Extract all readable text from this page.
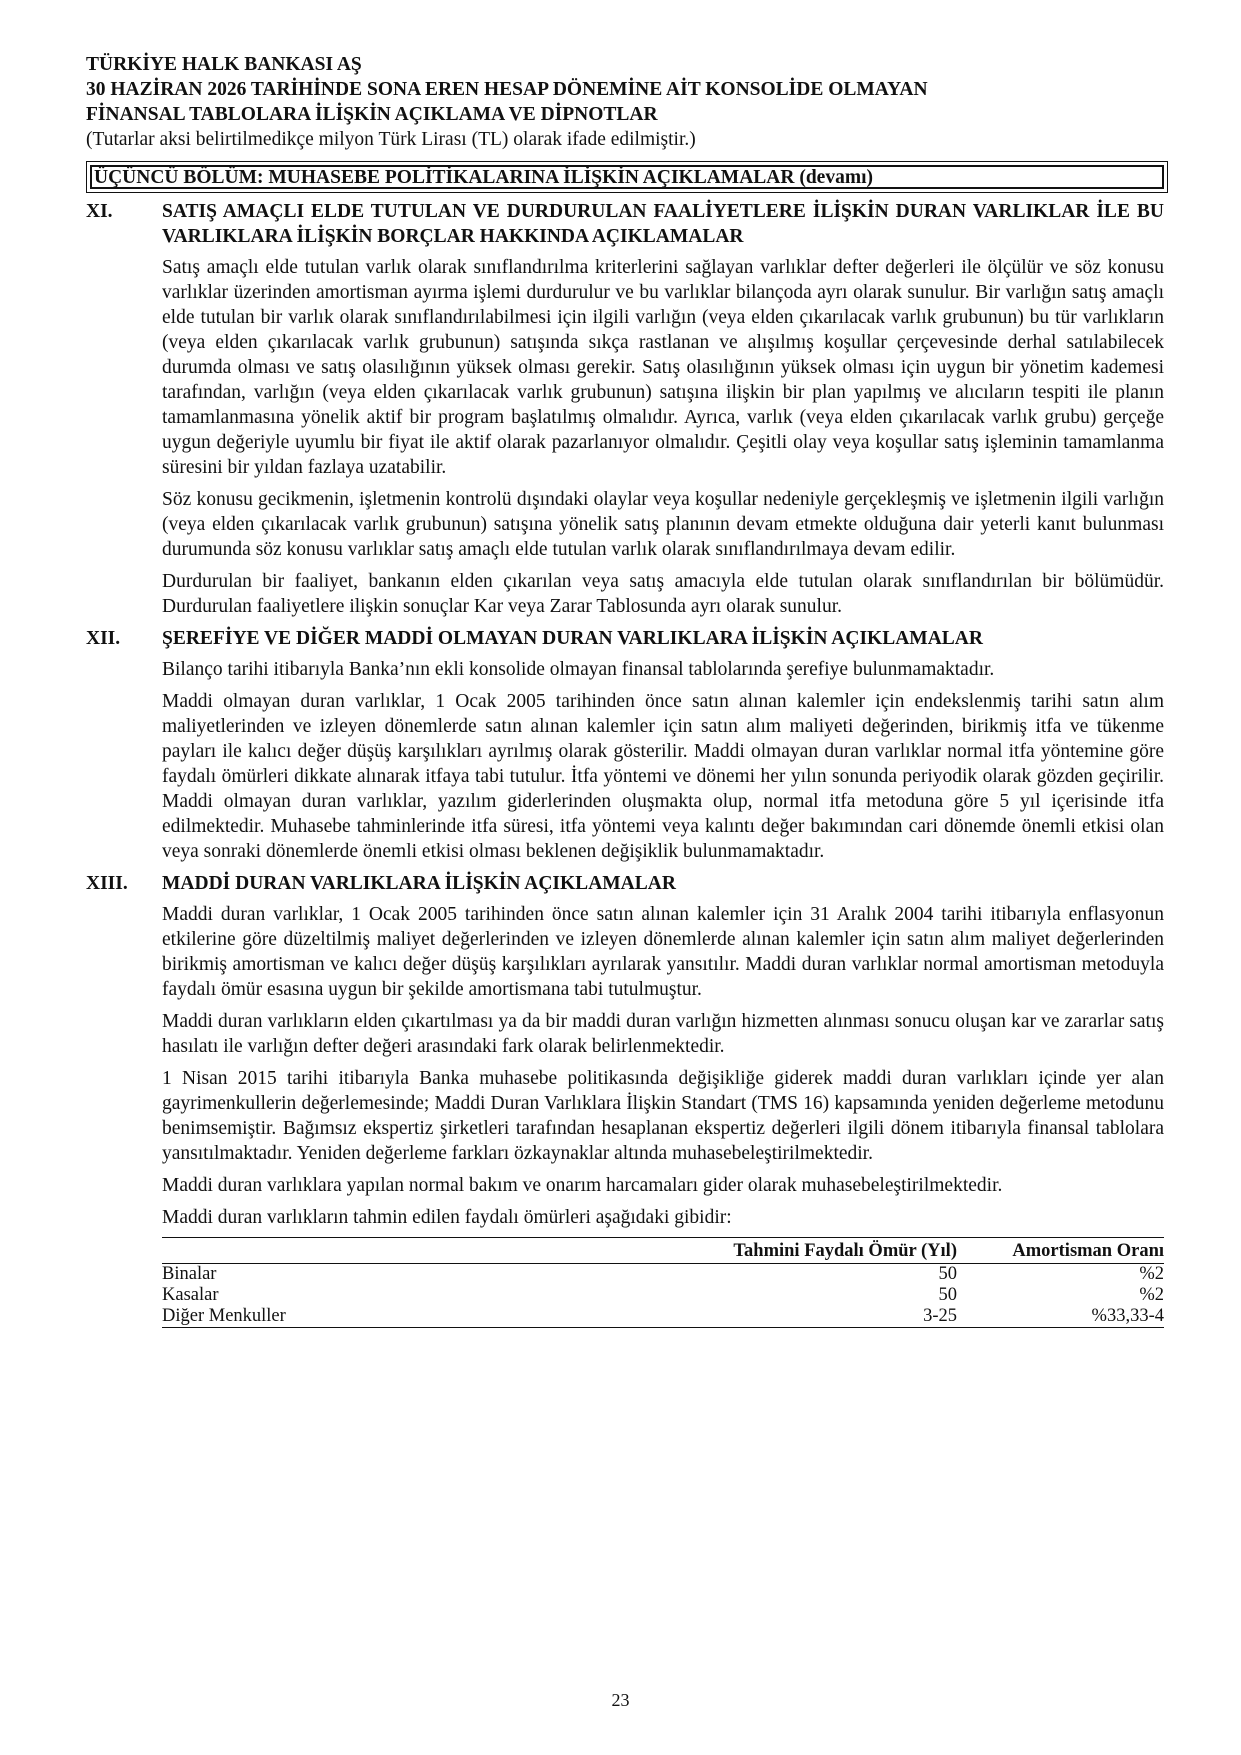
TÜRKİYE HALK BANKASI AŞ
30 HAZİRAN 2026 TARİHİNDE SONA EREN HESAP DÖNEMİNE AİT KONSOLİDE OLMAYAN
FİNANSAL TABLOLARA İLİŞKİN AÇIKLAMA VE DİPNOTLAR
(Tutarlar aksi belirtilmedikçe milyon Türk Lirası (TL) olarak ifade edilmiştir.)
ÜÇÜNCÜ BÖLÜM: MUHASEBE POLİTİKALARINA İLİŞKİN AÇIKLAMALAR (devamı)
XI.	SATIŞ AMAÇLI ELDE TUTULAN VE DURDURULAN FAALİYETLERE İLİŞKİN DURAN VARLIKLAR İLE BU VARLIKLARA İLİŞKİN BORÇLAR HAKKINDA AÇIKLAMALAR

Satış amaçlı elde tutulan varlık olarak sınıflandırılma kriterlerini sağlayan varlıklar defter değerleri ile ölçülür ve söz konusu varlıklar üzerinden amortisman ayırma işlemi durdurulur ve bu varlıklar bilançoda ayrı olarak sunulur. Bir varlığın satış amaçlı elde tutulan bir varlık olarak sınıflandırılabilmesi için ilgili varlığın (veya elden çıkarılacak varlık grubunun) bu tür varlıkların (veya elden çıkarılacak varlık grubunun) satışında sıkça rastlanan ve alışılmış koşullar çerçevesinde derhal satılabilecek durumda olması ve satış olasılığının yüksek olması gerekir. Satış olasılığının yüksek olması için uygun bir yönetim kademesi tarafından, varlığın (veya elden çıkarılacak varlık grubunun) satışına ilişkin bir plan yapılmış ve alıcıların tespiti ile planın tamamlanmasına yönelik aktif bir program başlatılmış olmalıdır. Ayrıca, varlık (veya elden çıkarılacak varlık grubu) gerçeğe uygun değeriyle uyumlu bir fiyat ile aktif olarak pazarlanıyor olmalıdır. Çeşitli olay veya koşullar satış işleminin tamamlanma süresini bir yıldan fazlaya uzatabilir.

Söz konusu gecikmenin, işletmenin kontrolü dışındaki olaylar veya koşullar nedeniyle gerçekleşmiş ve işletmenin ilgili varlığın (veya elden çıkarılacak varlık grubunun) satışına yönelik satış planının devam etmekte olduğuna dair yeterli kanıt bulunması durumunda söz konusu varlıklar satış amaçlı elde tutulan varlık olarak sınıflandırılmaya devam edilir.

Durdurulan bir faaliyet, bankanın elden çıkarılan veya satış amacıyla elde tutulan olarak sınıflandırılan bir bölümüdür. Durdurulan faaliyetlere ilişkin sonuçlar Kar veya Zarar Tablosunda ayrı olarak sunulur.

XII. ŞEREFİYE VE DİĞER MADDİ OLMAYAN DURAN VARLIKLARA İLİŞKİN AÇIKLAMALAR

Bilanço tarihi itibarıyla Banka’nın ekli konsolide olmayan finansal tablolarında şerefiye bulunmamaktadır.

Maddi olmayan duran varlıklar, 1 Ocak 2005 tarihinden önce satın alınan kalemler için endekslenmiş tarihi satın alım maliyetlerinden ve izleyen dönemlerde satın alınan kalemler için satın alım maliyeti değerinden, birikmiş itfa ve tükenme payları ile kalıcı değer düşüş karşılıkları ayrılmış olarak gösterilir. Maddi olmayan duran varlıklar normal itfa yöntemine göre faydalı ömürleri dikkate alınarak itfaya tabi tutulur. İtfa yöntemi ve dönemi her yılın sonunda periyodik olarak gözden geçirilir. Maddi olmayan duran varlıklar, yazılım giderlerinden oluşmakta olup, normal itfa metoduna göre 5 yıl içerisinde itfa edilmektedir. Muhasebe tahminlerinde itfa süresi, itfa yöntemi veya kalıntı değer bakımından cari dönemde önemli etkisi olan veya sonraki dönemlerde önemli etkisi olması beklenen değişiklik bulunmamaktadır.

XIII. MADDİ DURAN VARLIKLARA İLİŞKİN AÇIKLAMALAR

Maddi duran varlıklar, 1 Ocak 2005 tarihinden önce satın alınan kalemler için 31 Aralık 2004 tarihi itibarıyla enflasyonun etkilerine göre düzeltilmiş maliyet değerlerinden ve izleyen dönemlerde alınan kalemler için satın alım maliyet değerlerinden birikmiş amortisman ve kalıcı değer düşüş karşılıkları ayrılarak yansıtılır. Maddi duran varlıklar normal amortisman metoduyla faydalı ömür esasına uygun bir şekilde amortismana tabi tutulmuştur.

Maddi duran varlıkların elden çıkartılması ya da bir maddi duran varlığın hizmetten alınması sonucu oluşan kar ve zararlar satış hasılatı ile varlığın defter değeri arasındaki fark olarak belirlenmektedir.

1 Nisan 2015 tarihi itibarıyla Banka muhasebe politikasında değişikliğe giderek maddi duran varlıkları içinde yer alan gayrimenkullerin değerlemesinde; Maddi Duran Varlıklara İlişkin Standart (TMS 16) kapsamında yeniden değerleme metodunu benimsemiştir. Bağımsız ekspertiz şirketleri tarafından hesaplanan ekspertiz değerleri ilgili dönem itibarıyla finansal tablolara yansıtılmaktadır. Yeniden değerleme farkları özkaynaklar altında muhasebeleştirilmektedir.

Maddi duran varlıklara yapılan normal bakım ve onarım harcamaları gider olarak muhasebeleştirilmektedir.

Maddi duran varlıkların tahmin edilen faydalı ömürleri aşağıdaki gibidir:

	Tahmini Faydalı Ömür (Yıl)	Amortisman Oranı
Binalar	50	%2
Kasalar	50	%2
Diğer Menkuller	3-25	%33,33-4
23
